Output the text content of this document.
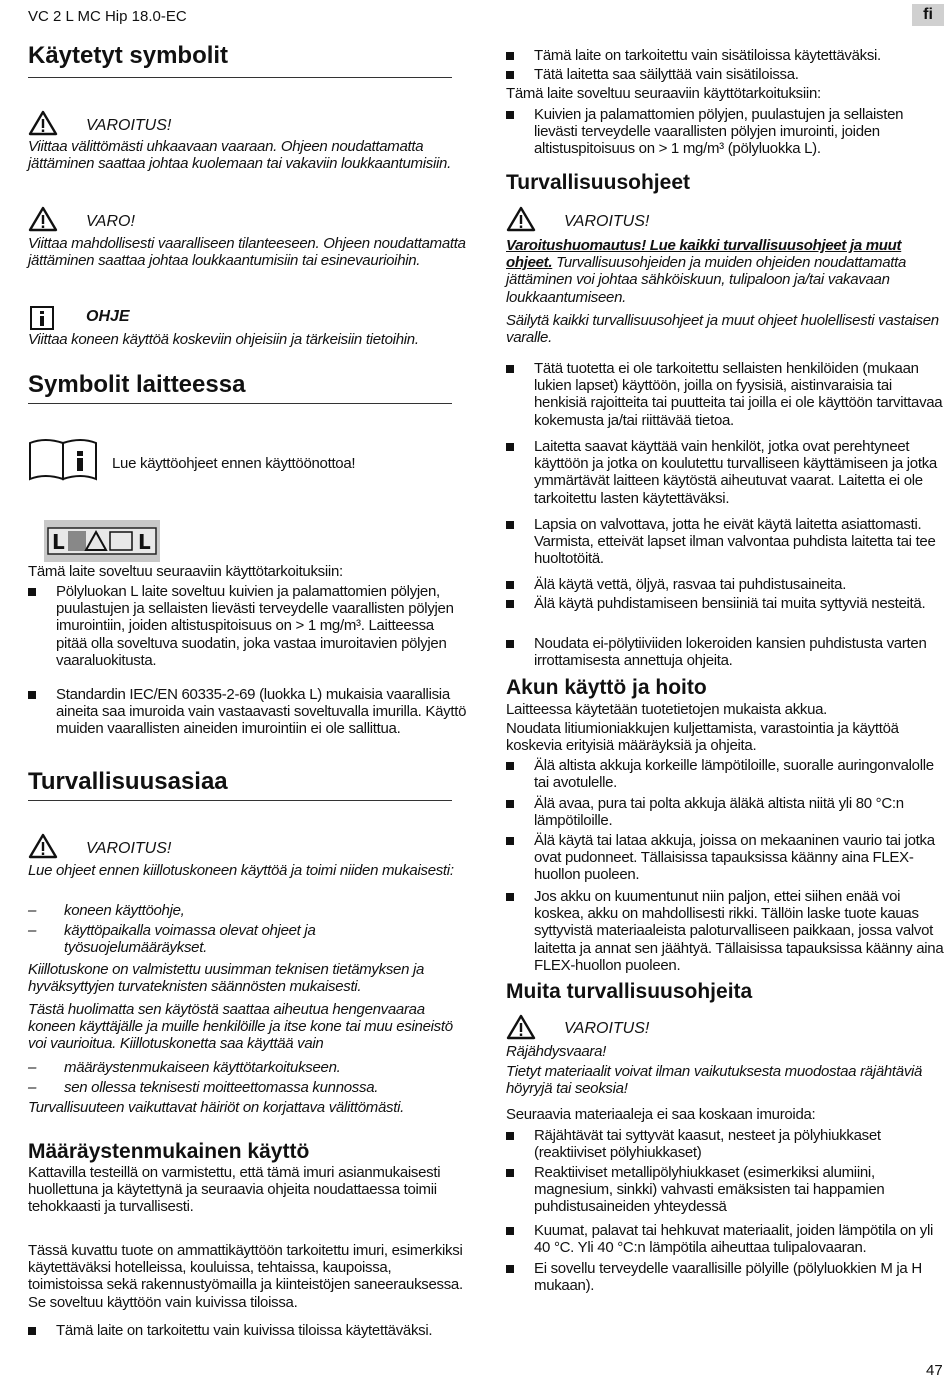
VC 2 L MC Hip 18.0-EC	fi
Käytetyt symbolit
VAROITUS!
Viittaa välittömästi uhkaavaan vaaraan. Ohjeen noudattamatta jättäminen saattaa johtaa kuolemaan tai vakaviin loukkaantumisiin.
VARO!
Viittaa mahdollisesti vaaralliseen tilanteeseen. Ohjeen noudattamatta jättäminen saattaa johtaa loukkaantumisiin tai esinevaurioihin.
OHJE
Viittaa koneen käyttöä koskeviin ohjeisiin ja tärkeisiin tietoihin.
Symbolit laitteessa
Lue käyttöohjeet ennen käyttöönottoa!
L	L
Tämä laite soveltuu seuraaviin käyttötarkoituksiin:
Pölyluokan L laite soveltuu kuivien ja palamattomien pölyjen, puulastujen ja sellaisten lievästi terveydelle vaarallisten pölyjen imurointiin, joiden altistuspitoisuus on > 1 mg/m³. Laitteessa pitää olla soveltuva suodatin, joka vastaa imuroitavien pölyjen vaaraluokitusta.
Standardin IEC/EN 60335-2-69 (luokka L) mukaisia vaarallisia aineita saa imuroida vain vastaavasti soveltuvalla imurilla. Käyttö muiden vaarallisten aineiden imurointiin ei ole sallittua.
Turvallisuusasiaa
VAROITUS!
Lue ohjeet ennen kiillotuskoneen käyttöä ja toimi niiden mukaisesti:
– koneen käyttöohje,
– käyttöpaikalla voimassa olevat ohjeet ja työsuojelumääräykset.
Kiillotuskone on valmistettu uusimman teknisen tietämyksen ja hyväksyttyjen turvateknisten säännösten mukaisesti.
Tästä huolimatta sen käytöstä saattaa aiheutua hengenvaaraa koneen käyttäjälle ja muille henkilöille ja itse kone tai muu esineistö voi vaurioitua. Kiillotuskonetta saa käyttää vain
– määräystenmukaiseen käyttötarkoitukseen.
– sen ollessa teknisesti moitteettomassa kunnossa.
Turvallisuuteen vaikuttavat häiriöt on korjattava välittömästi.
Määräystenmukainen käyttö
Kattavilla testeillä on varmistettu, että tämä imuri asianmukaisesti huollettuna ja käytettynä ja seuraavia ohjeita noudattaessa toimii tehokkaasti ja turvallisesti.
Tässä kuvattu tuote on ammattikäyttöön tarkoitettu imuri, esimerkiksi käytettäväksi hotelleissa, kouluissa, tehtaissa, kaupoissa, toimistoissa sekä rakennustyömailla ja kiinteistöjen saneerauksessa. Se soveltuu käyttöön vain kuivissa tiloissa.
Tämä laite on tarkoitettu vain kuivissa tiloissa käytettäväksi.
Tämä laite on tarkoitettu vain sisätiloissa käytettäväksi.
Tätä laitetta saa säilyttää vain sisätiloissa.
Tämä laite soveltuu seuraaviin käyttötarkoituksiin:
Kuivien ja palamattomien pölyjen, puulastujen ja sellaisten lievästi terveydelle vaarallisten pölyjen imurointi, joiden altistuspitoisuus on > 1 mg/m³ (pölyluokka L).
Turvallisuusohjeet
VAROITUS!
Varoitushuomautus! Lue kaikki turvallisuusohjeet ja muut ohjeet. Turvallisuusohjeiden ja muiden ohjeiden noudattamatta jättäminen voi johtaa sähköiskuun, tulipaloon ja/tai vakavaan loukkaantumiseen.
Säilytä kaikki turvallisuusohjeet ja muut ohjeet huolellisesti vastaisen varalle.
Tätä tuotetta ei ole tarkoitettu sellaisten henkilöiden (mukaan lukien lapset) käyttöön, joilla on fyysisiä, aistinvaraisia tai henkisiä rajoitteita tai puutteita tai joilla ei ole käyttöön tarvittavaa kokemusta ja/tai riittävää tietoa.
Laitetta saavat käyttää vain henkilöt, jotka ovat perehtyneet käyttöön ja jotka on koulutettu turvalliseen käyttämiseen ja jotka ymmärtävät laitteen käytöstä aiheutuvat vaarat. Laitetta ei ole tarkoitettu lasten käytettäväksi.
Lapsia on valvottava, jotta he eivät käytä laitetta asiattomasti. Varmista, etteivät lapset ilman valvontaa puhdista laitetta tai tee huoltotöitä.
Älä käytä vettä, öljyä, rasvaa tai puhdistusaineita.
Älä käytä puhdistamiseen bensiiniä tai muita syttyviä nesteitä.
Noudata ei-pölytiiviiden lokeroiden kansien puhdistusta varten irrottamisesta annettuja ohjeita.
Akun käyttö ja hoito
Laitteessa käytetään tuotetietojen mukaista akkua.
Noudata litiumioniakkujen kuljettamista, varastointia ja käyttöä koskevia erityisiä määräyksiä ja ohjeita.
Älä altista akkuja korkeille lämpötiloille, suoralle auringonvalolle tai avotulelle.
Älä avaa, pura tai polta akkuja äläkä altista niitä yli 80 °C:n lämpötiloille.
Älä käytä tai lataa akkuja, joissa on mekaaninen vaurio tai jotka ovat pudonneet. Tällaisissa tapauksissa käänny aina FLEX-huollon puoleen.
Jos akku on kuumentunut niin paljon, ettei siihen enää voi koskea, akku on mahdollisesti rikki. Tällöin laske tuote kauas syttyvistä materiaaleista paloturvalliseen paikkaan, jossa valvot laitetta ja annat sen jäähtyä. Tällaisissa tapauksissa käänny aina FLEX-huollon puoleen.
Muita turvallisuusohjeita
VAROITUS!
Räjähdysvaara!
Tietyt materiaalit voivat ilman vaikutuksesta muodostaa räjähtäviä höyryjä tai seoksia!
Seuraavia materiaaleja ei saa koskaan imuroida:
Räjähtävät tai syttyvät kaasut, nesteet ja pölyhiukkaset (reaktiiviset pölyhiukkaset)
Reaktiiviset metallipölyhiukkaset (esimerkiksi alumiini, magnesium, sinkki) vahvasti emäksisten tai happamien puhdistusaineiden yhteydessä
Kuumat, palavat tai hehkuvat materiaalit, joiden lämpötila on yli 40 °C. Yli 40 °C:n lämpötila aiheuttaa tulipalovaaran.
Ei sovellu terveydelle vaarallisille pölyille (pölyluokkien M ja H mukaan).
47
